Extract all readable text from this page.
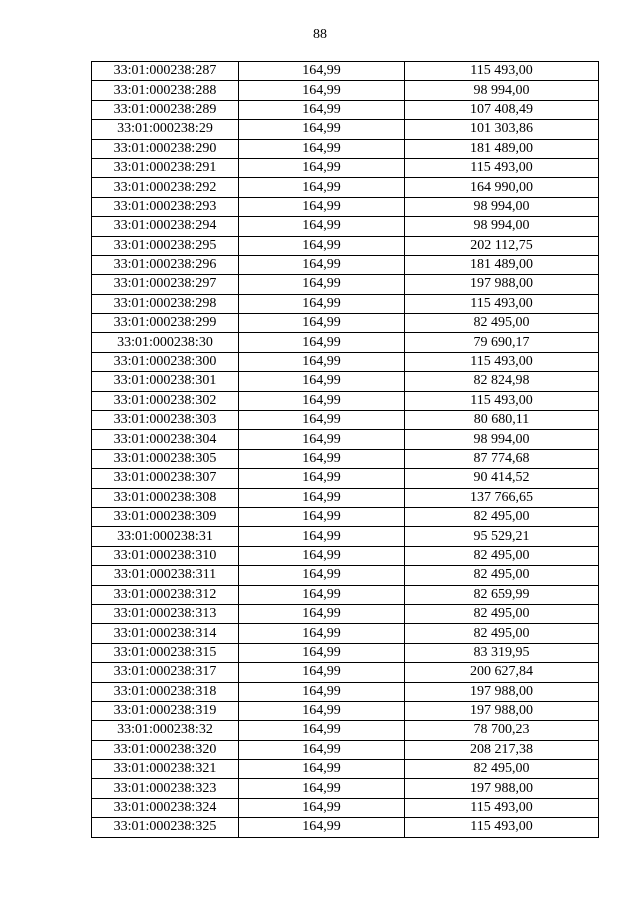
88
33:01:000238:287	164,99	115 493,00
33:01:000238:288	164,99	98 994,00
33:01:000238:289	164,99	107 408,49
33:01:000238:29	164,99	101 303,86
33:01:000238:290	164,99	181 489,00
33:01:000238:291	164,99	115 493,00
33:01:000238:292	164,99	164 990,00
33:01:000238:293	164,99	98 994,00
33:01:000238:294	164,99	98 994,00
33:01:000238:295	164,99	202 112,75
33:01:000238:296	164,99	181 489,00
33:01:000238:297	164,99	197 988,00
33:01:000238:298	164,99	115 493,00
33:01:000238:299	164,99	82 495,00
33:01:000238:30	164,99	79 690,17
33:01:000238:300	164,99	115 493,00
33:01:000238:301	164,99	82 824,98
33:01:000238:302	164,99	115 493,00
33:01:000238:303	164,99	80 680,11
33:01:000238:304	164,99	98 994,00
33:01:000238:305	164,99	87 774,68
33:01:000238:307	164,99	90 414,52
33:01:000238:308	164,99	137 766,65
33:01:000238:309	164,99	82 495,00
33:01:000238:31	164,99	95 529,21
33:01:000238:310	164,99	82 495,00
33:01:000238:311	164,99	82 495,00
33:01:000238:312	164,99	82 659,99
33:01:000238:313	164,99	82 495,00
33:01:000238:314	164,99	82 495,00
33:01:000238:315	164,99	83 319,95
33:01:000238:317	164,99	200 627,84
33:01:000238:318	164,99	197 988,00
33:01:000238:319	164,99	197 988,00
33:01:000238:32	164,99	78 700,23
33:01:000238:320	164,99	208 217,38
33:01:000238:321	164,99	82 495,00
33:01:000238:323	164,99	197 988,00
33:01:000238:324	164,99	115 493,00
33:01:000238:325	164,99	115 493,00
